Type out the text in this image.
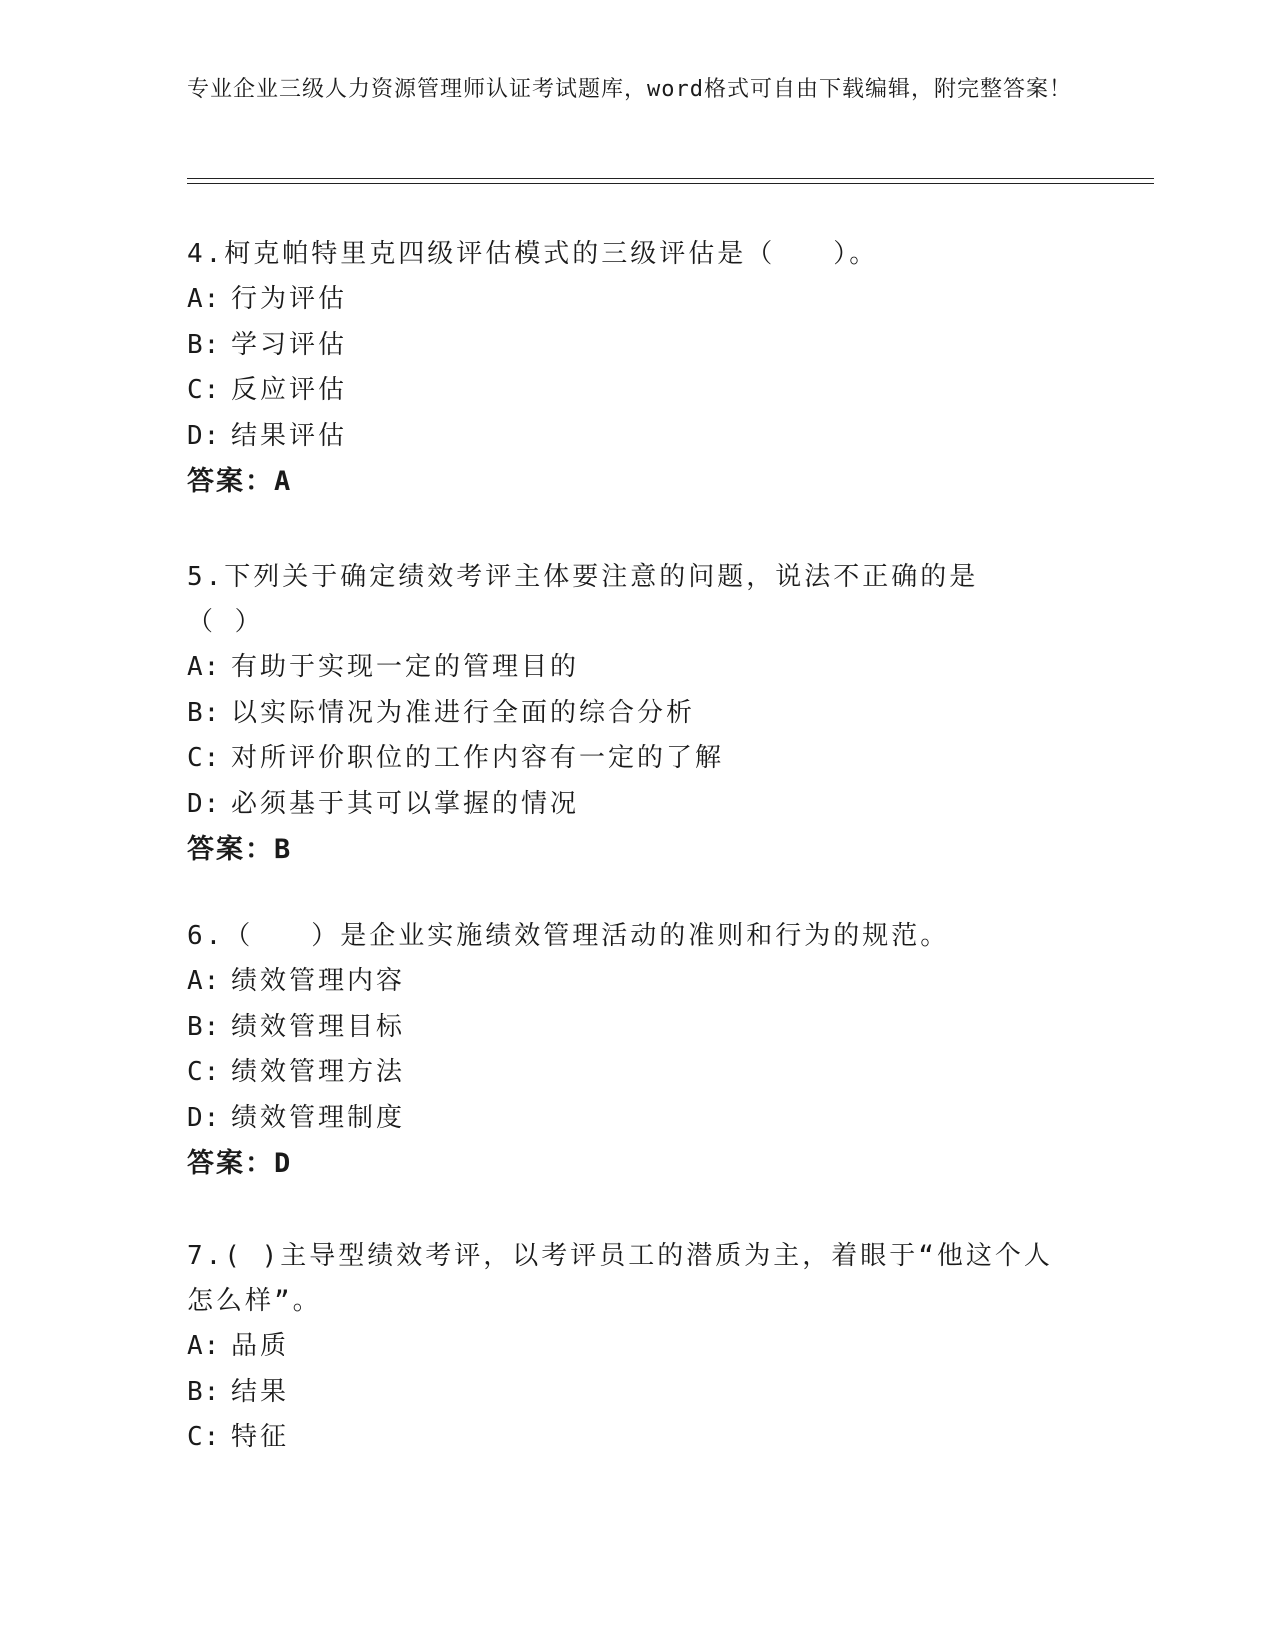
专业企业三级人力资源管理师认证考试题库，word格式可自由下载编辑，附完整答案！

4.柯克帕特里克四级评估模式的三级评估是（　　）。

A: 行为评估

B: 学习评估

C: 反应评估

D: 结果评估

答案：A

5.下列关于确定绩效考评主体要注意的问题，说法不正确的是（ ）

A: 有助于实现一定的管理目的

B: 以实际情况为准进行全面的综合分析

C: 对所评价职位的工作内容有一定的了解

D: 必须基于其可以掌握的情况

答案：B

6.（　　）是企业实施绩效管理活动的准则和行为的规范。

A: 绩效管理内容

B: 绩效管理目标

C: 绩效管理方法

D: 绩效管理制度

答案：D

7.( )主导型绩效考评，以考评员工的潜质为主，着眼于“他这个人怎么样”。

A: 品质

B: 结果

C: 特征
